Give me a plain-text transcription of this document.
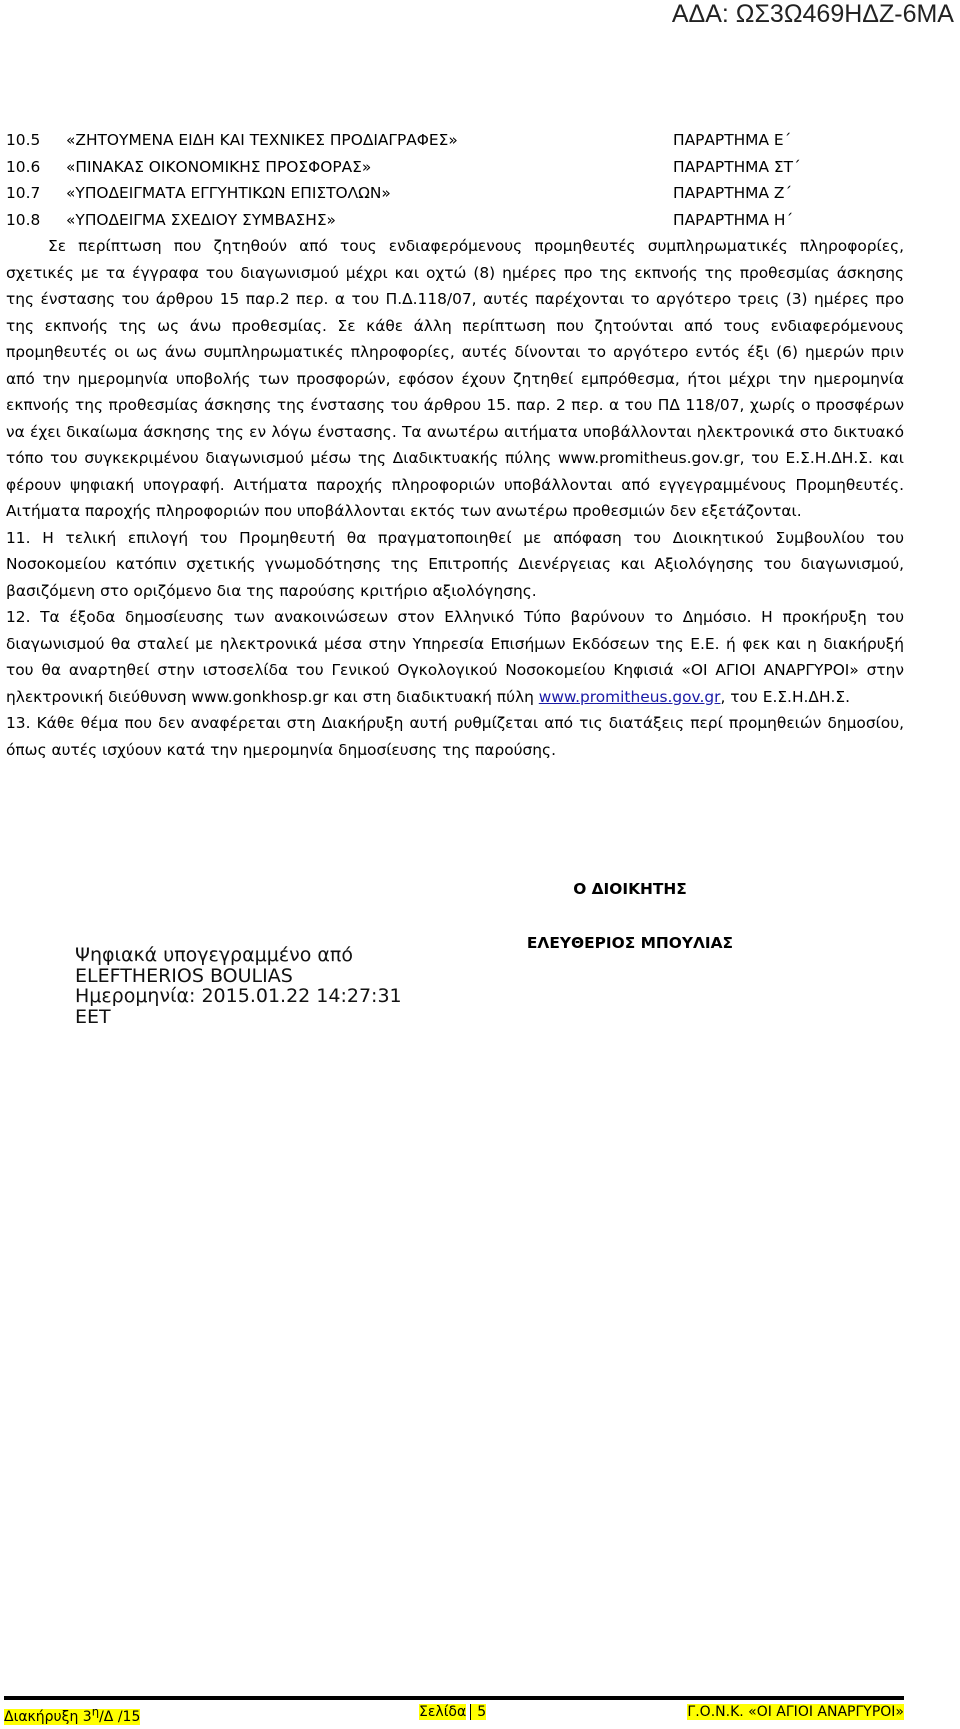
ΑΔΑ: ΩΣ3Ω469ΗΔΖ-6ΜΑ
10.5 «ΖΗΤΟΥΜΕΝΑ ΕΙΔΗ ΚΑΙ ΤΕΧΝΙΚΕΣ ΠΡΟΔΙΑΓΡΑΦΕΣ»	ΠΑΡΑΡΤΗΜΑ Ε΄
10.6 «ΠΙΝΑΚΑΣ ΟΙΚΟΝΟΜΙΚΗΣ ΠΡΟΣΦΟΡΑΣ»	ΠΑΡΑΡΤΗΜΑ ΣΤ΄
10.7 «ΥΠΟΔΕΙΓΜΑΤΑ ΕΓΓΥΗΤΙΚΩΝ ΕΠΙΣΤΟΛΩΝ»	ΠΑΡΑΡΤΗΜΑ Ζ΄
10.8 «ΥΠΟΔΕΙΓΜΑ ΣΧΕΔΙΟΥ ΣΥΜΒΑΣΗΣ»	ΠΑΡΑΡΤΗΜΑ Η΄

Σε περίπτωση που ζητηθούν από τους ενδιαφερόμενους προμηθευτές συμπληρωματικές πληροφορίες, σχετικές με τα έγγραφα του διαγωνισμού μέχρι και οχτώ (8) ημέρες προ της εκπνοής της προθεσμίας άσκησης της ένστασης του άρθρου 15 παρ.2 περ. α του Π.Δ.118/07, αυτές παρέχονται το αργότερο τρεις (3) ημέρες προ της εκπνοής της ως άνω προθεσμίας. Σε κάθε άλλη περίπτωση που ζητούνται από τους ενδιαφερόμενους προμηθευτές οι ως άνω συμπληρωματικές πληροφορίες, αυτές δίνονται το αργότερο εντός έξι (6) ημερών πριν από την ημερομηνία υποβολής των προσφορών, εφόσον έχουν ζητηθεί εμπρόθεσμα, ήτοι μέχρι την ημερομηνία εκπνοής της προθεσμίας άσκησης της ένστασης του άρθρου 15. παρ. 2 περ. α του ΠΔ 118/07, χωρίς ο προσφέρων να έχει δικαίωμα άσκησης της εν λόγω ένστασης. Τα ανωτέρω αιτήματα υποβάλλονται ηλεκτρονικά στο δικτυακό τόπο του συγκεκριμένου διαγωνισμού μέσω της Διαδικτυακής πύλης www.promitheus.gov.gr, του Ε.Σ.Η.ΔΗ.Σ. και φέρουν ψηφιακή υπογραφή. Αιτήματα παροχής πληροφοριών υποβάλλονται από εγγεγραμμένους Προμηθευτές. Αιτήματα παροχής πληροφοριών που υποβάλλονται εκτός των ανωτέρω προθεσμιών δεν εξετάζονται.

11. Η τελική επιλογή του Προμηθευτή θα πραγματοποιηθεί με απόφαση του Διοικητικού Συμβουλίου του Νοσοκομείου κατόπιν σχετικής γνωμοδότησης της Επιτροπής Διενέργειας και Αξιολόγησης του διαγωνισμού, βασιζόμενη στο οριζόμενο δια της παρούσης κριτήριο αξιολόγησης.

12. Τα έξοδα δημοσίευσης των ανακοινώσεων στον Ελληνικό Τύπο βαρύνουν το Δημόσιο. Η προκήρυξη του διαγωνισμού θα σταλεί με ηλεκτρονικά μέσα στην Υπηρεσία Επισήμων Εκδόσεων της Ε.Ε. ή φεκ και η διακήρυξή του θα αναρτηθεί στην ιστοσελίδα του Γενικού Ογκολογικού Νοσοκομείου Κηφισιά «ΟΙ ΑΓΙΟΙ ΑΝΑΡΓΥΡΟΙ» στην ηλεκτρονική διεύθυνση www.gonkhosp.gr και στη διαδικτυακή πύλη www.promitheus.gov.gr, του Ε.Σ.Η.ΔΗ.Σ.

13. Κάθε θέμα που δεν αναφέρεται στη Διακήρυξη αυτή ρυθμίζεται από τις διατάξεις περί προμηθειών δημοσίου, όπως αυτές ισχύουν κατά την ημερομηνία δημοσίευσης της παρούσης.

Ο ΔΙΟΙΚΗΤΗΣ
ΕΛΕΥΘΕΡΙΟΣ ΜΠΟΥΛΙΑΣ
Ψηφιακά υπογεγραμμένο από
ELEFTHERIOS BOULIAS
Ημερομηνία: 2015.01.22 14:27:31
EET
Διακήρυξη $3^\eta/\Delta$ /15	Σελίδα 5	Γ.Ο.Ν.Κ. «ΟΙ ΑΓΙΟΙ ΑΝΑΡΓΥΡΟΙ»
